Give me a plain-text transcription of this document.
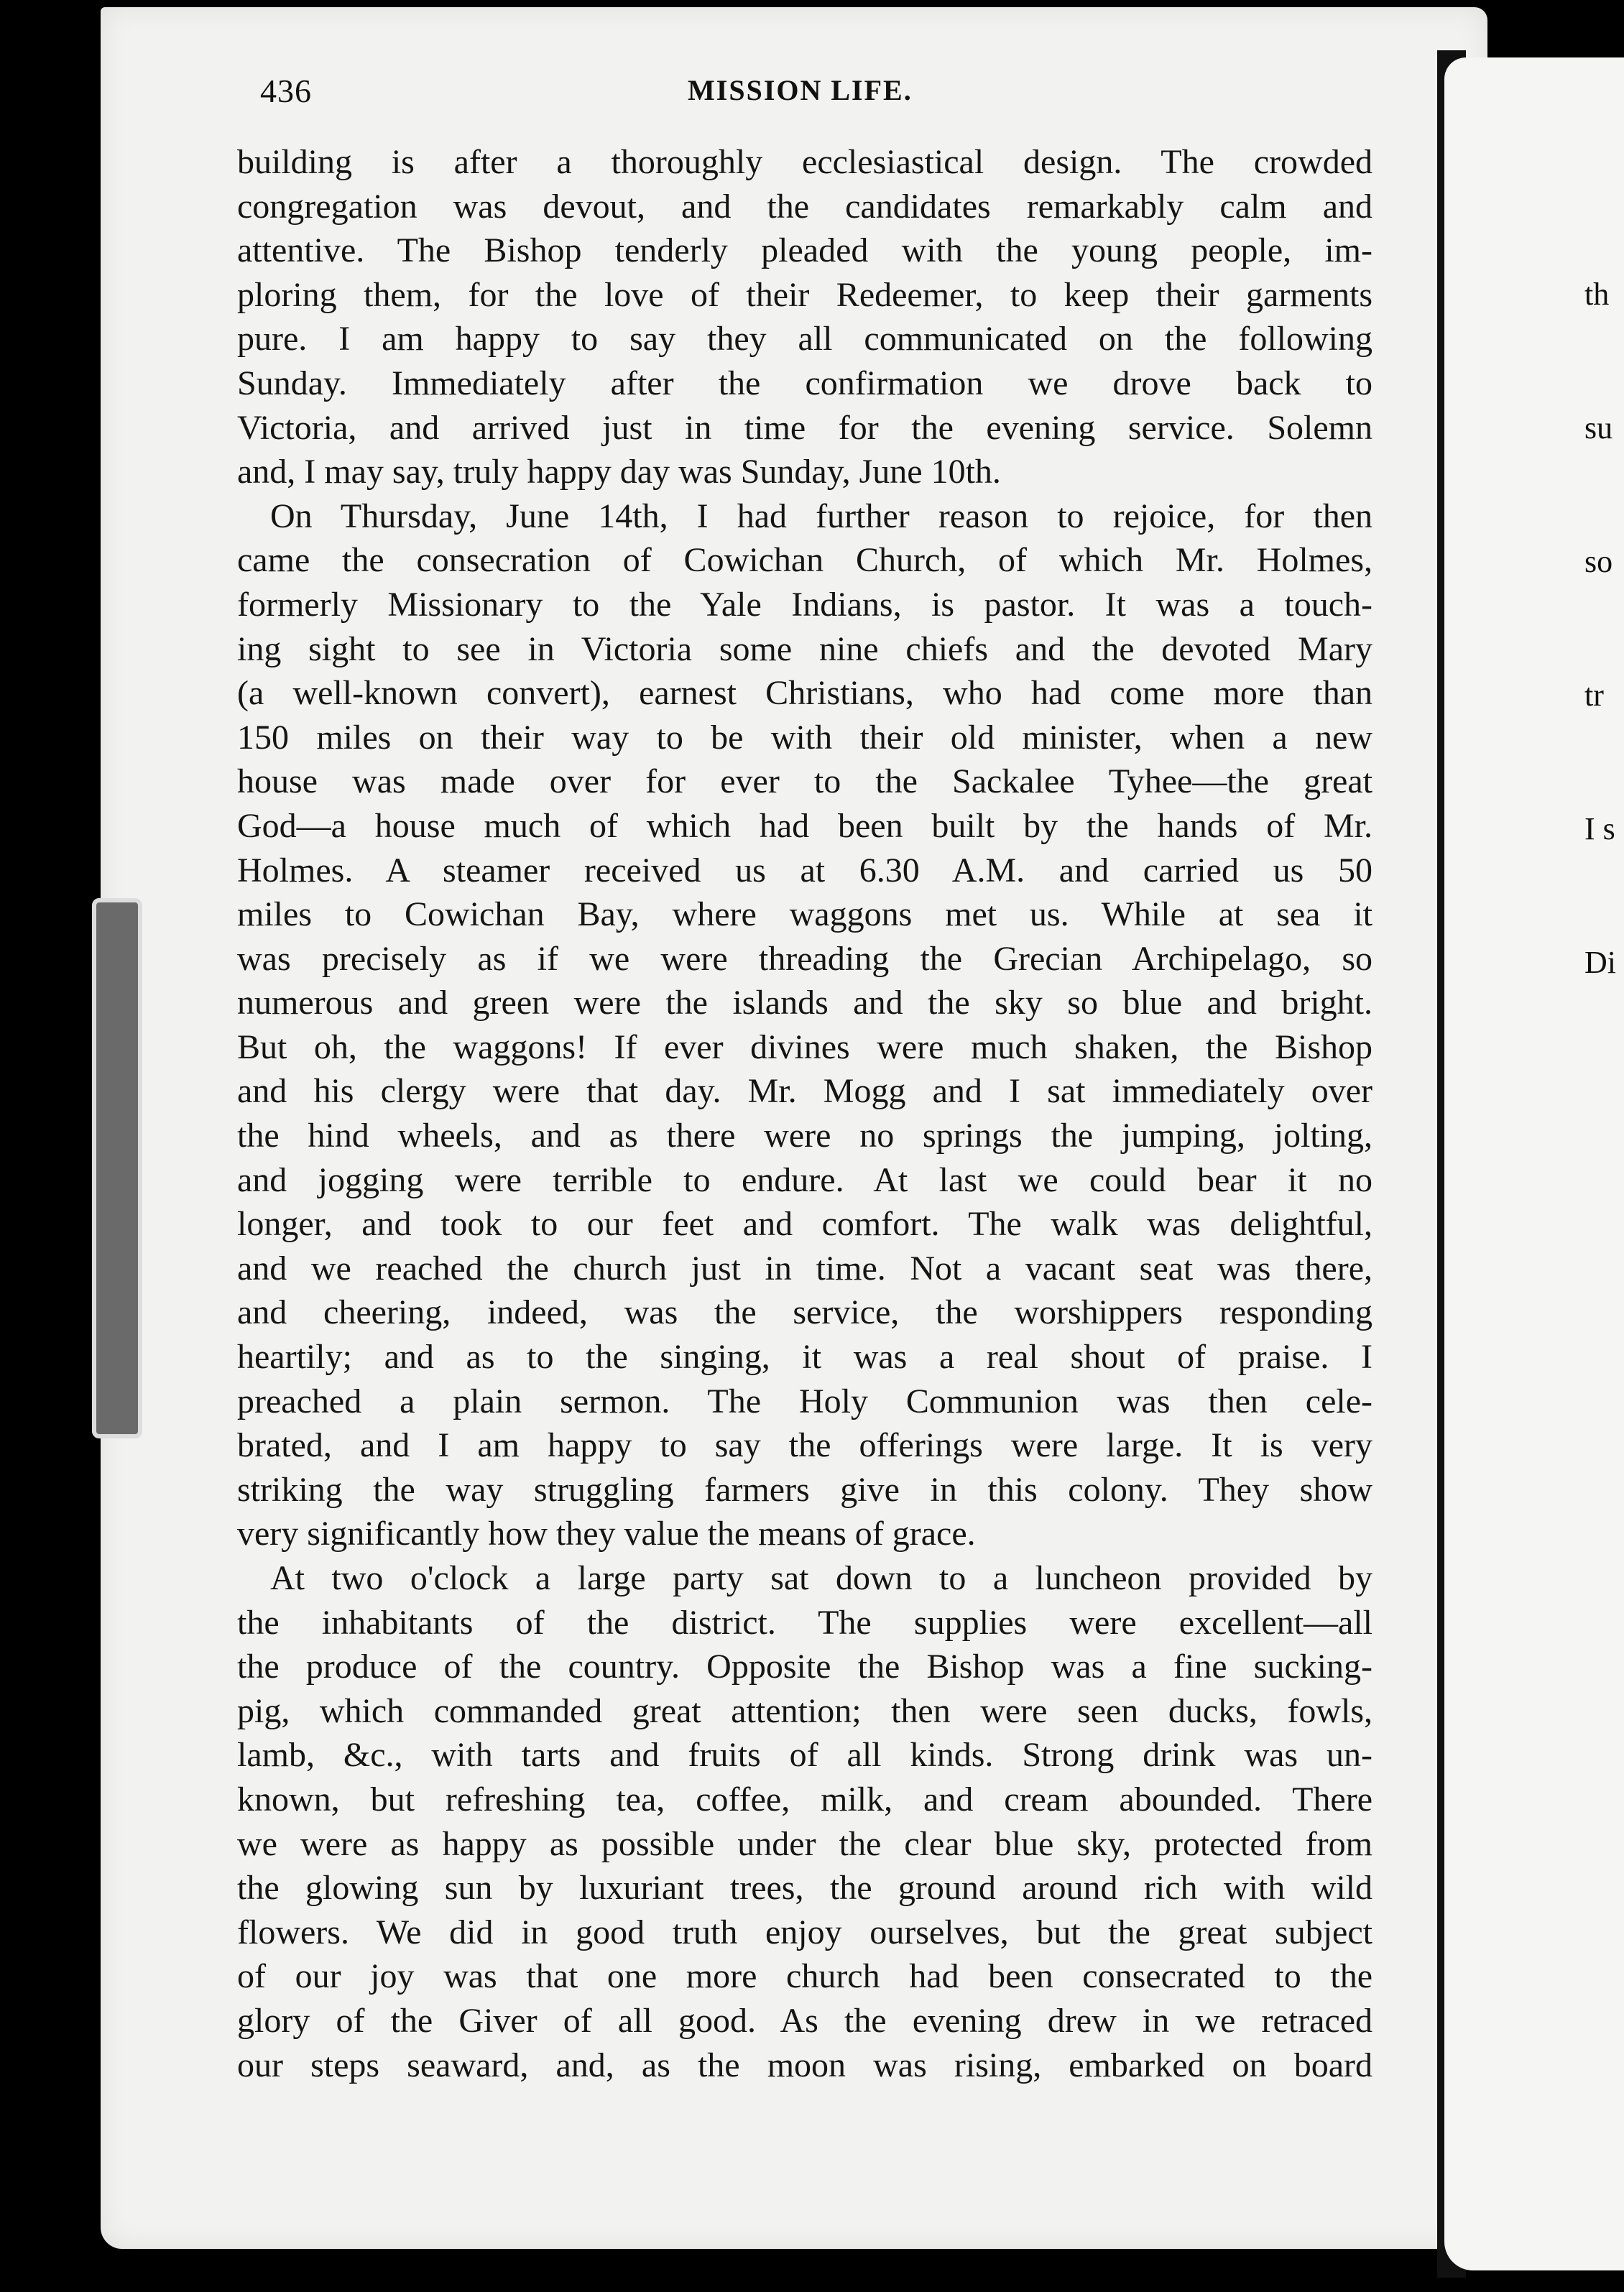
th

su

so

tr

I s

Di

436	MISSION LIFE.
building is after a thoroughly ecclesiastical design. The crowded
congregation was devout, and the candidates remarkably calm and
attentive. The Bishop tenderly pleaded with the young people, im-
ploring them, for the love of their Redeemer, to keep their garments
pure. I am happy to say they all communicated on the following
Sunday. Immediately after the confirmation we drove back to
Victoria, and arrived just in time for the evening service. Solemn
and, I may say, truly happy day was Sunday, June 10th.
On Thursday, June 14th, I had further reason to rejoice, for then
came the consecration of Cowichan Church, of which Mr. Holmes,
formerly Missionary to the Yale Indians, is pastor. It was a touch-
ing sight to see in Victoria some nine chiefs and the devoted Mary
(a well-known convert), earnest Christians, who had come more than
150 miles on their way to be with their old minister, when a new
house was made over for ever to the Sackalee Tyhee—the great
God—a house much of which had been built by the hands of Mr.
Holmes. A steamer received us at 6.30 A.M. and carried us 50
miles to Cowichan Bay, where waggons met us. While at sea it
was precisely as if we were threading the Grecian Archipelago, so
numerous and green were the islands and the sky so blue and bright.
But oh, the waggons! If ever divines were much shaken, the Bishop
and his clergy were that day. Mr. Mogg and I sat immediately over
the hind wheels, and as there were no springs the jumping, jolting,
and jogging were terrible to endure. At last we could bear it no
longer, and took to our feet and comfort. The walk was delightful,
and we reached the church just in time. Not a vacant seat was there,
and cheering, indeed, was the service, the worshippers responding
heartily; and as to the singing, it was a real shout of praise. I
preached a plain sermon. The Holy Communion was then cele-
brated, and I am happy to say the offerings were large. It is very
striking the way struggling farmers give in this colony. They show
very significantly how they value the means of grace.
At two o'clock a large party sat down to a luncheon provided by
the inhabitants of the district. The supplies were excellent—all
the produce of the country. Opposite the Bishop was a fine sucking-
pig, which commanded great attention; then were seen ducks, fowls,
lamb, &c., with tarts and fruits of all kinds. Strong drink was un-
known, but refreshing tea, coffee, milk, and cream abounded. There
we were as happy as possible under the clear blue sky, protected from
the glowing sun by luxuriant trees, the ground around rich with wild
flowers. We did in good truth enjoy ourselves, but the great subject
of our joy was that one more church had been consecrated to the
glory of the Giver of all good. As the evening drew in we retraced
our steps seaward, and, as the moon was rising, embarked on board
